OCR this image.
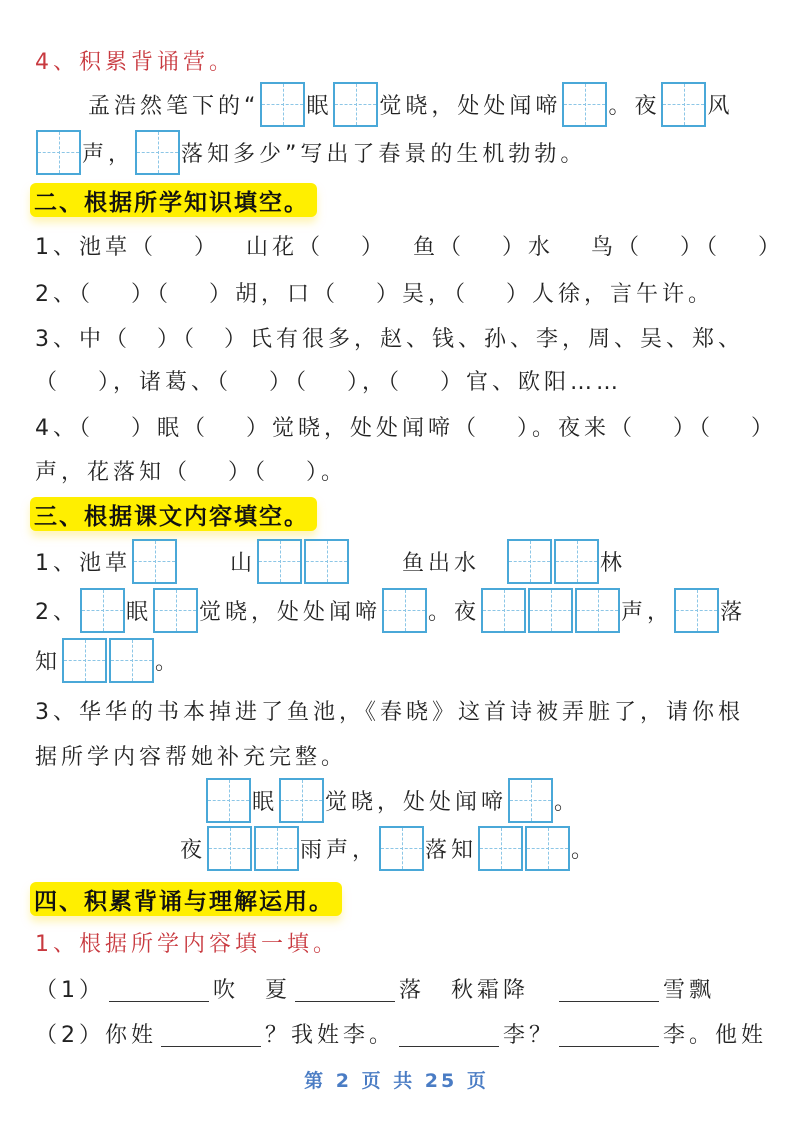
二、根据所学知识填空。
三、根据课文内容填空。
四、积累背诵与理解运用。
第 2 页 共 25 页
4、积累背诵营。
孟浩然笔下的“ 眠 觉晓，处处闻啼 。夜 风
声， 落知多少”写出了春景的生机勃勃。
1、池草（　 ）　 山花（　 ）　 鱼（　 ）水　 鸟（　 ）（　 ）
2、（　 ）（　 ）胡，口（　 ）吴，（　 ）人徐，言午许。
3、中（　）（　）氏有很多，赵、钱、孙、李，周、吴、郑、
（　 ），诸葛、（　 ）（　 ），（　 ）官、欧阳……
4、（　 ）眠（　 ）觉晓，处处闻啼（　 ）。夜来（　 ）（　 ）
声，花落知（　 ）（　 ）。
1、池草 　　山	　　鱼出水　	林
2、 眠 觉晓，处处闻啼 。夜	声， 落
知	。
3、华华的书本掉进了鱼池，《春晓》这首诗被弄脏了，请你根
据所学内容帮她补充完整。
眠 觉晓，处处闻啼 。
夜	雨声， 落知	。
1、根据所学内容填一填。
（1）	吹　夏	落　秋霜降　	雪飘
（2）你姓	？我姓李。	李？	李。他姓
